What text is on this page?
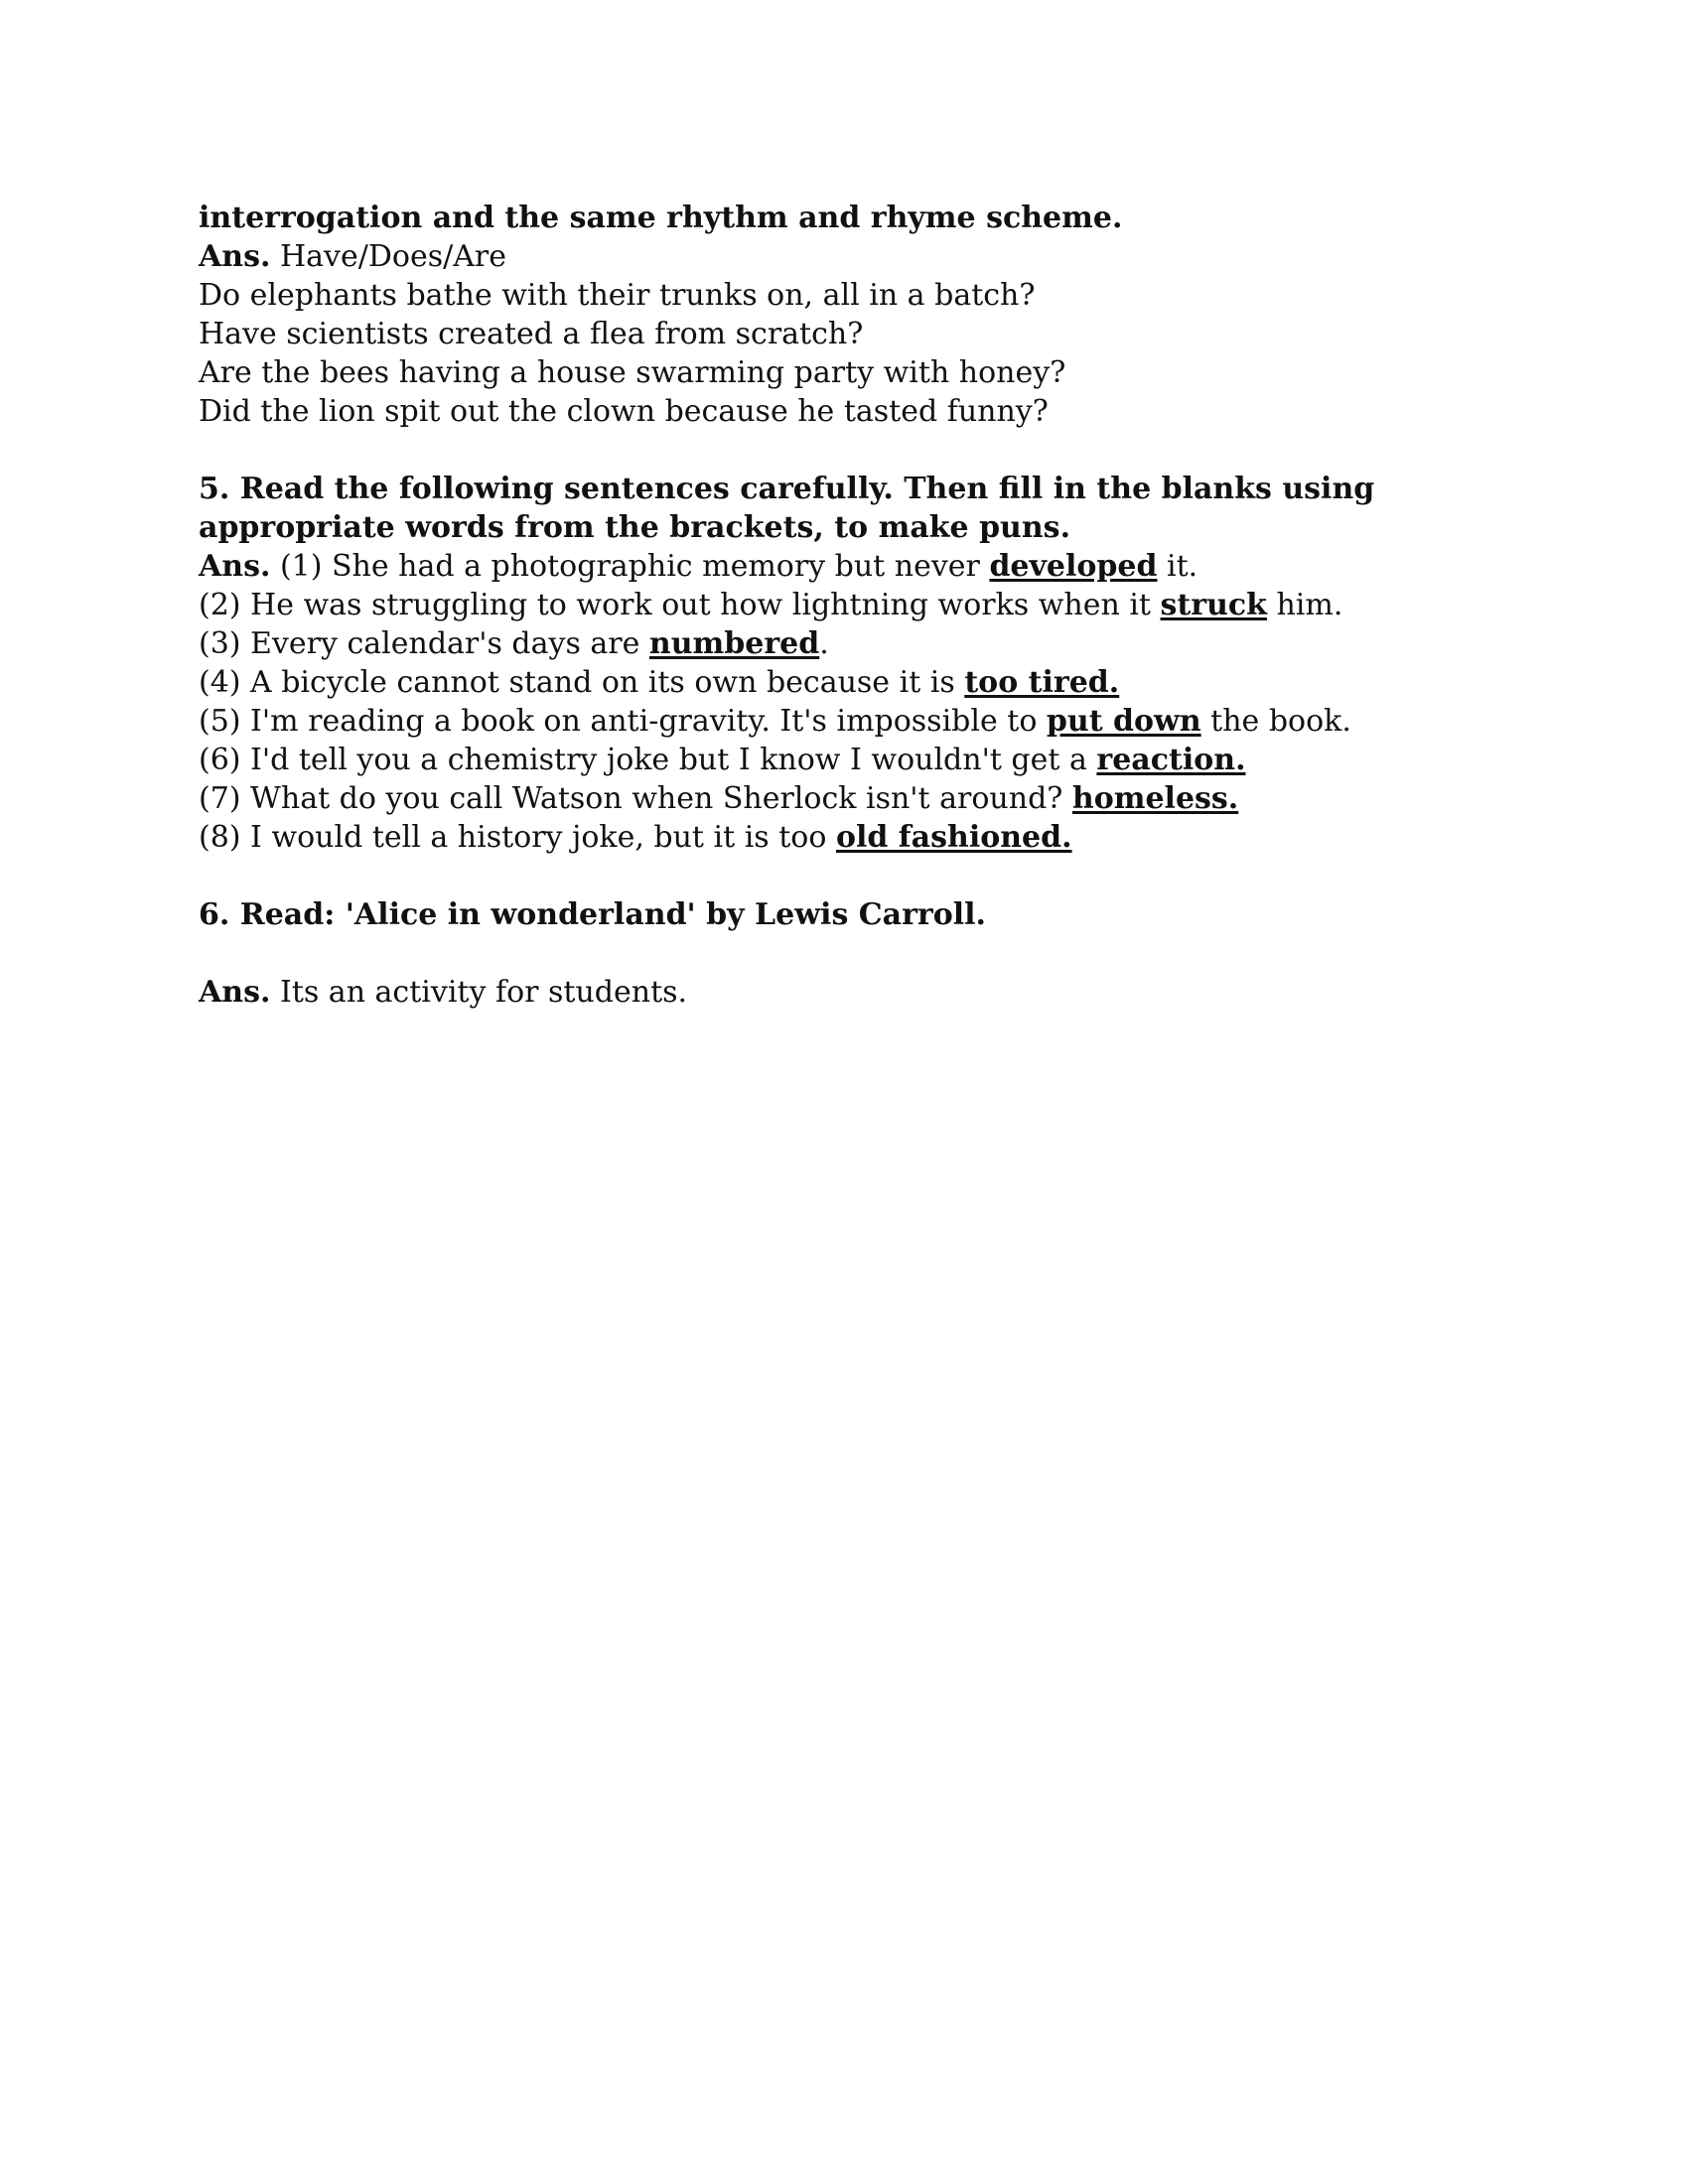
interrogation and the same rhythm and rhyme scheme.
Ans. Have/Does/Are
Do elephants bathe with their trunks on, all in a batch?
Have scientists created a flea from scratch?
Are the bees having a house swarming party with honey?
Did the lion spit out the clown because he tasted funny?
5. Read the following sentences carefully. Then fill in the blanks using appropriate words from the brackets, to make puns.
Ans. (1) She had a photographic memory but never developed it.
(2) He was struggling to work out how lightning works when it struck him.
(3) Every calendar's days are numbered.
(4) A bicycle cannot stand on its own because it is too tired.
(5) I'm reading a book on anti-gravity. It's impossible to put down the book.
(6) I'd tell you a chemistry joke but I know I wouldn't get a reaction.
(7) What do you call Watson when Sherlock isn't around? homeless.
(8) I would tell a history joke, but it is too old fashioned.
6. Read: 'Alice in wonderland' by Lewis Carroll.
Ans. Its an activity for students.
